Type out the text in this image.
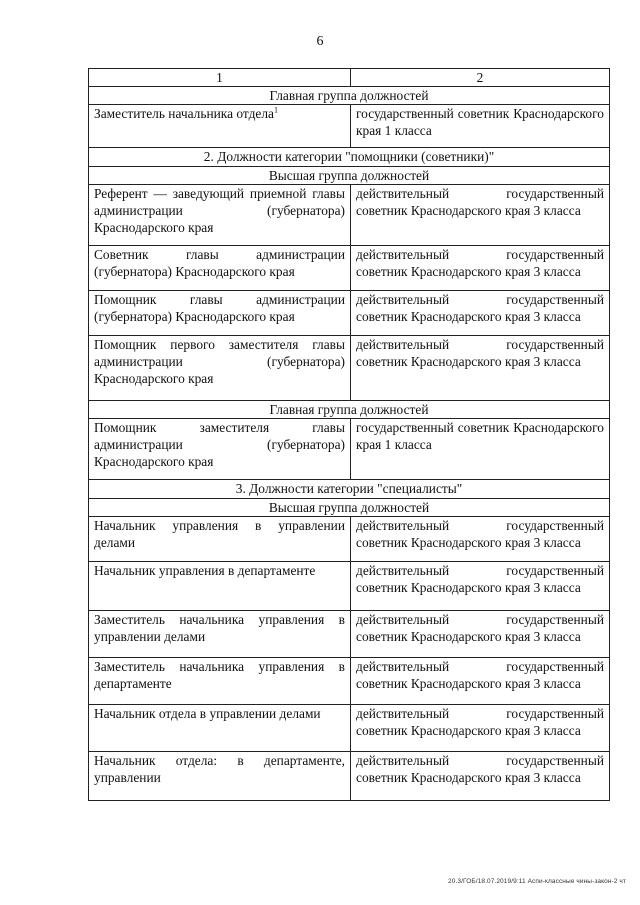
6
1	2
Главная группа должностей	
Заместитель начальника отдела$^1$	государственный советник Краснодарского края 1 класса
2. Должности категории "помощники (советники)"	
Высшая группа должностей	
Референт — заведующий приемной главы администрации (губернатора) Краснодарского края	действительный государственный советник Краснодарского края 3 класса
Советник главы администрации (губернатора) Краснодарского края	действительный государственный советник Краснодарского края 3 класса
Помощник главы администрации (губернатора) Краснодарского края	действительный государственный советник Краснодарского края 3 класса
Помощник первого заместителя главы администрации (губернатора) Краснодарского края	действительный государственный советник Краснодарского края 3 класса
Главная группа должностей	
Помощник заместителя главы администрации (губернатора) Краснодарского края	государственный советник Краснодарского края 1 класса
3. Должности категории "специалисты"	
Высшая группа должностей	
Начальник управления в управлении делами	действительный государственный советник Краснодарского края 3 класса
Начальник управления в департаменте	действительный государственный советник Краснодарского края 3 класса
Заместитель начальника управления в управлении делами	действительный государственный советник Краснодарского края 3 класса
Заместитель начальника управления в департаменте	действительный государственный советник Краснодарского края 3 класса
Начальник отдела в управлении делами	действительный государственный советник Краснодарского края 3 класса
Начальник отдела: в департаменте, управлении	действительный государственный советник Краснодарского края 3 класса
20.3/ГОБ/18.07.2019/9:11 Аспи-классные чины-закон-2 чт
